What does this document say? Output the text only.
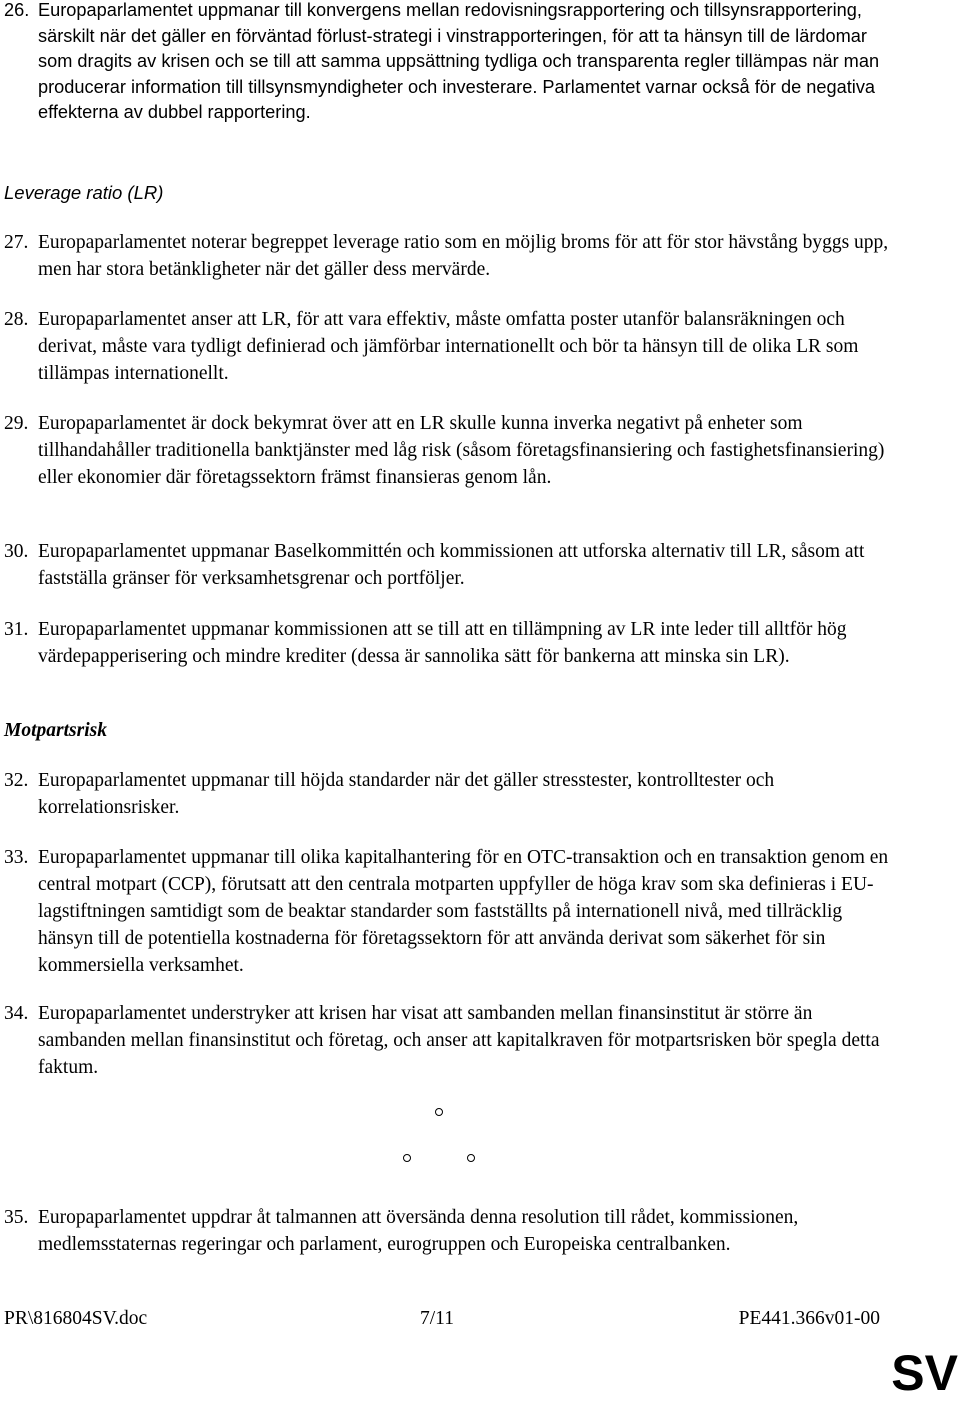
26. Europaparlamentet uppmanar till konvergens mellan redovisningsrapportering och tillsynsrapportering, särskilt när det gäller en förväntad förlust-strategi i vinstrapporteringen, för att ta hänsyn till de lärdomar som dragits av krisen och se till att samma uppsättning tydliga och transparenta regler tillämpas när man producerar information till tillsynsmyndigheter och investerare. Parlamentet varnar också för de negativa effekterna av dubbel rapportering.

Leverage ratio (LR)

27. Europaparlamentet noterar begreppet leverage ratio som en möjlig broms för att för stor hävstång byggs upp, men har stora betänkligheter när det gäller dess mervärde.

28. Europaparlamentet anser att LR, för att vara effektiv, måste omfatta poster utanför balansräkningen och derivat, måste vara tydligt definierad och jämförbar internationellt och bör ta hänsyn till de olika LR som tillämpas internationellt.

29. Europaparlamentet är dock bekymrat över att en LR skulle kunna inverka negativt på enheter som tillhandahåller traditionella banktjänster med låg risk (såsom företagsfinansiering och fastighetsfinansiering) eller ekonomier där företagssektorn främst finansieras genom lån.

30. Europaparlamentet uppmanar Baselkommittén och kommissionen att utforska alternativ till LR, såsom att fastställa gränser för verksamhetsgrenar och portföljer.

31. Europaparlamentet uppmanar kommissionen att se till att en tillämpning av LR inte leder till alltför hög värdepapperisering och mindre krediter (dessa är sannolika sätt för bankerna att minska sin LR).

Motpartsrisk

32. Europaparlamentet uppmanar till höjda standarder när det gäller stresstester, kontrolltester och korrelationsrisker.

33. Europaparlamentet uppmanar till olika kapitalhantering för en OTC-transaktion och en transaktion genom en central motpart (CCP), förutsatt att den centrala motparten uppfyller de höga krav som ska definieras i EU-lagstiftningen samtidigt som de beaktar standarder som fastställts på internationell nivå, med tillräcklig hänsyn till de potentiella kostnaderna för företagssektorn för att använda derivat som säkerhet för sin kommersiella verksamhet.

34. Europaparlamentet understryker att krisen har visat att sambanden mellan finansinstitut är större än sambanden mellan finansinstitut och företag, och anser att kapitalkraven för motpartsrisken bör spegla detta faktum.

35. Europaparlamentet uppdrar åt talmannen att översända denna resolution till rådet, kommissionen, medlemsstaternas regeringar och parlament, eurogruppen och Europeiska centralbanken.

PR\816804SV.doc	7/11	PE441.366v01-00
SV
